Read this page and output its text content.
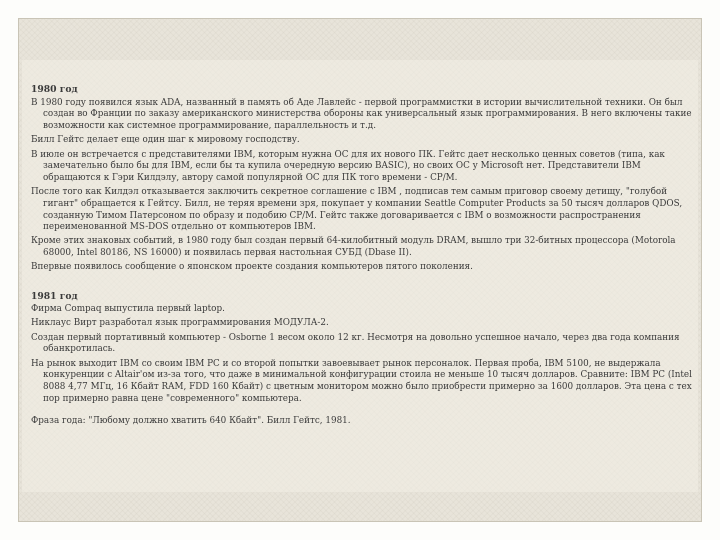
1980 год
В 1980 году появился язык ADA, названный в память об Аде Лавлейс - первой программистки в истории вычислительной техники. Он был создан во Франции по заказу американского министерства обороны как универсальный язык программирования. В него включены такие возможности как системное программирование, параллельность и т.д.
Билл Гейтс делает еще один шаг к мировому господству.
В июле он встречается с представителями IBM, которым нужна ОС для их нового ПК. Гейтс дает несколько ценных советов (типа, как замечательно было бы для IBM, если бы та купила очередную версию BASIC), но своих ОС у Microsoft нет. Представители IBM обращаются к Гэри Килдэлу, автору самой популярной ОС для ПК того времени - CP/M.
После того как Килдэл отказывается заключить секретное соглашение с IBM , подписав тем самым приговор своему детищу, "голубой гигант" обращается к Гейтсу. Билл, не теряя времени зря, покупает у компании Seattle Computer Products за 50 тысяч долларов QDOS, созданную Тимом Патерсоном по образу и подобию CP/M. Гейтс также договаривается с IBM о возможности распространения переименованной MS-DOS отдельно от компьютеров IBM.
Кроме этих знаковых событий, в 1980 году был создан первый 64-килобитный модуль DRAM, вышло три 32-битных процессора (Motorola 68000, Intel 80186, NS 16000) и появилась первая настольная СУБД (Dbase II).
Впервые появилось сообщение о японском проекте создания компьютеров пятого поколения.
1981 год
Фирма Compaq выпустила первый laptop.
Никлаус Вирт разработал язык программирования МОДУЛА-2.
Создан первый портативный компьютер - Osborne 1 весом около 12 кг. Несмотря на довольно успешное начало, через два года компания обанкротилась.
На рынок выходит IBM со своим IBM PC и со второй попытки завоевывает рынок персоналок. Первая проба, IBM 5100, не выдержала конкуренции с Altair'ом из-за того, что даже в минимальной конфигурации стоила не меньше 10 тысяч долларов. Сравните: IBM PC (Intel 8088 4,77 МГц, 16 Кбайт RAM, FDD 160 Кбайт) с цветным монитором можно было приобрести примерно за 1600 долларов. Эта цена с тех пор примерно равна цене "современного" компьютера.
Фраза года: "Любому должно хватить 640 Кбайт". Билл Гейтс, 1981.
